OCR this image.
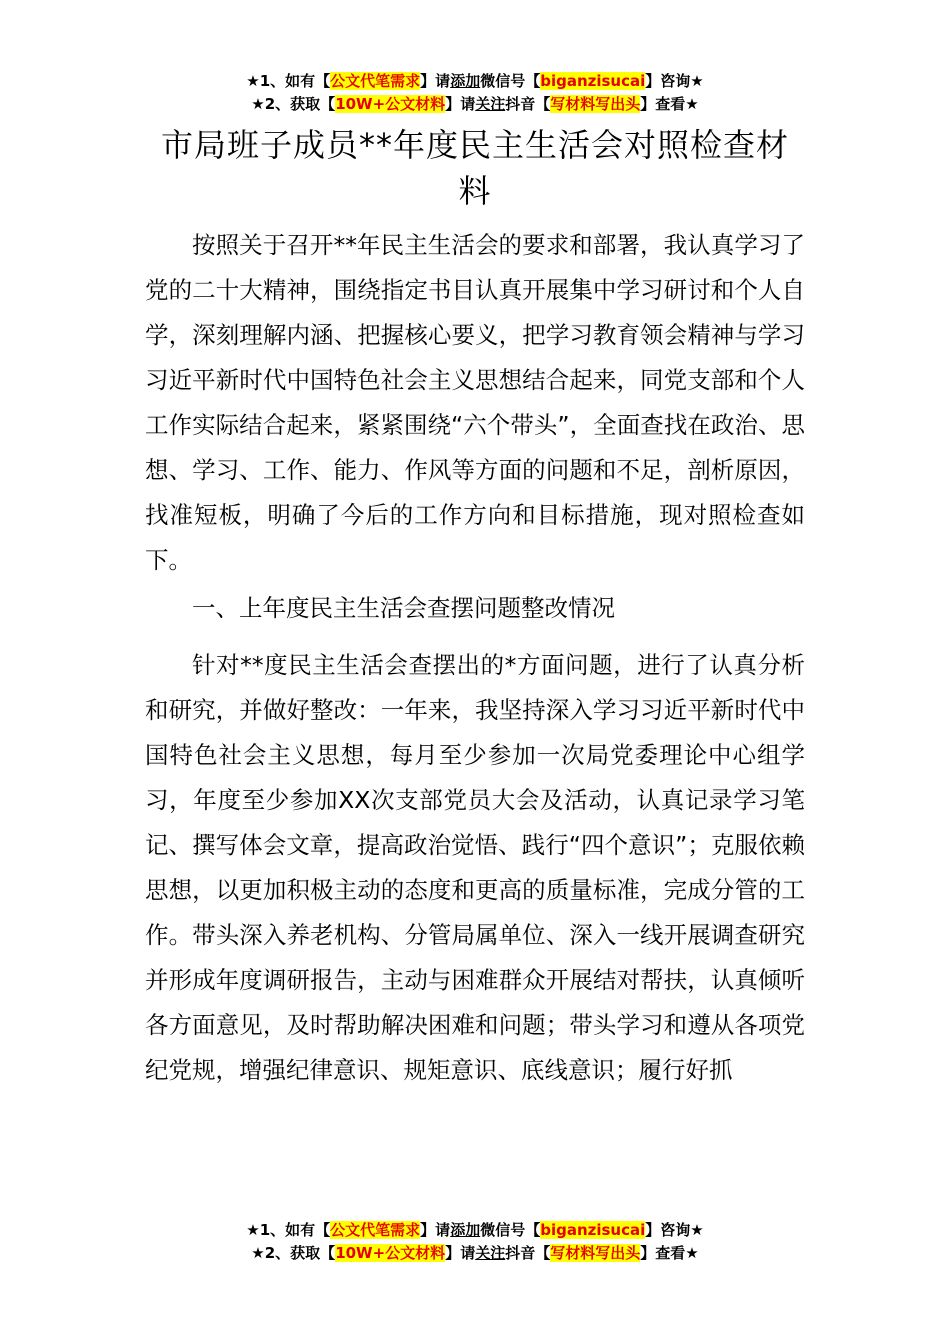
★1、如有【公文代笔需求】请添加微信号【biganzisucai】咨询★
★2、获取【10W+公文材料】请关注抖音【写材料写出头】查看★
市局班子成员**年度民主生活会对照检查材料

按照关于召开**年民主生活会的要求和部署，我认真学习了党的二十大精神，围绕指定书目认真开展集中学习研讨和个人自学，深刻理解内涵、把握核心要义，把学习教育领会精神与学习习近平新时代中国特色社会主义思想结合起来，同党支部和个人工作实际结合起来，紧紧围绕“六个带头”，全面查找在政治、思想、学习、工作、能力、作风等方面的问题和不足，剖析原因，找准短板，明确了今后的工作方向和目标措施，现对照检查如下。

一、上年度民主生活会查摆问题整改情况

针对**度民主生活会查摆出的*方面问题，进行了认真分析和研究，并做好整改：一年来，我坚持深入学习习近平新时代中国特色社会主义思想，每月至少参加一次局党委理论中心组学习，年度至少参加XX次支部党员大会及活动，认真记录学习笔记、撰写体会文章，提高政治觉悟、践行“四个意识”；克服依赖思想，以更加积极主动的态度和更高的质量标准，完成分管的工作。带头深入养老机构、分管局属单位、深入一线开展调查研究并形成年度调研报告，主动与困难群众开展结对帮扶，认真倾听各方面意见，及时帮助解决困难和问题；带头学习和遵从各项党纪党规，增强纪律意识、规矩意识、底线意识；履行好抓

★1、如有【公文代笔需求】请添加微信号【biganzisucai】咨询★
★2、获取【10W+公文材料】请关注抖音【写材料写出头】查看★
